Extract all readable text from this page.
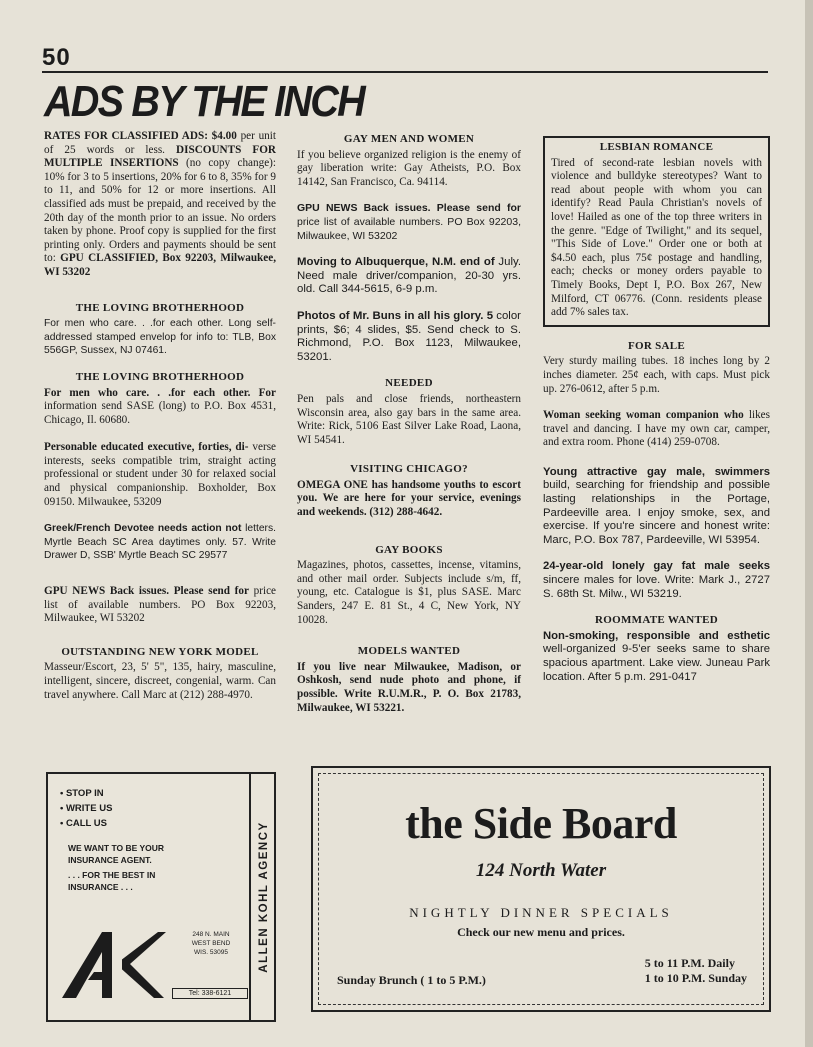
50
ADS BY THE INCH

RATES FOR CLASSIFIED ADS: $4.00 per unit of 25 words or less. DISCOUNTS FOR MULTIPLE INSERTIONS (no copy change): 10% for 3 to 5 insertions, 20% for 6 to 8, 35% for 9 to 11, and 50% for 12 or more insertions. All classified ads must be prepaid, and received by the 20th day of the month prior to an issue. No orders taken by phone. Proof copy is supplied for the first printing only. Orders and payments should be sent to: GPU CLASSIFIED, Box 92203, Milwaukee, WI 53202

THE LOVING BROTHERHOOD

For men who care. . .for each other. Long self-addressed stamped envelop for info to: TLB, Box 556GP, Sussex, NJ 07461.

THE LOVING BROTHERHOOD

For men who care. . .for each other. For information send SASE (long) to P.O. Box 4531, Chicago, Il. 60680.

Personable educated executive, forties, di- verse interests, seeks compatible trim, straight acting professional or student under 30 for relaxed social and physical companionship. Boxholder, Box 09150. Milwaukee, 53209

Greek/French Devotee needs action not letters. Myrtle Beach SC Area daytimes only. 57. Write Drawer D, SSB' Myrtle Beach SC 29577

GPU NEWS Back issues. Please send for price list of available numbers. PO Box 92203, Milwaukee, WI 53202

OUTSTANDING NEW YORK MODEL

Masseur/Escort, 23, 5' 5", 135, hairy, masculine, intelligent, sincere, discreet, congenial, warm. Can travel anywhere. Call Marc at (212) 288-4970.

GAY MEN AND WOMEN

If you believe organized religion is the enemy of gay liberation write: Gay Atheists, P.O. Box 14142, San Francisco, Ca. 94114.

GPU NEWS Back issues. Please send for price list of available numbers. PO Box 92203, Milwaukee, WI 53202

Moving to Albuquerque, N.M. end of July. Need male driver/companion, 20-30 yrs. old. Call 344-5615, 6-9 p.m.

Photos of Mr. Buns in all his glory. 5 color prints, $6; 4 slides, $5. Send check to S. Richmond, P.O. Box 1123, Milwaukee, 53201.

NEEDED

Pen pals and close friends, northeastern Wisconsin area, also gay bars in the same area. Write: Rick, 5106 East Silver Lake Road, Laona, WI 54541.

VISITING CHICAGO?

OMEGA ONE has handsome youths to escort you. We are here for your service, evenings and weekends. (312) 288-4642.

GAY BOOKS

Magazines, photos, cassettes, incense, vitamins, and other mail order. Subjects include s/m, ff, young, etc. Catalogue is $1, plus SASE. Marc Sanders, 247 E. 81 St., 4 C, New York, NY 10028.

MODELS WANTED

If you live near Milwaukee, Madison, or Oshkosh, send nude photo and phone, if possible. Write R.U.M.R., P. O. Box 21783, Milwaukee, WI 53221.

LESBIAN ROMANCE

Tired of second-rate lesbian novels with violence and bulldyke stereotypes? Want to read about people with whom you can identify? Read Paula Christian's novels of love! Hailed as one of the top three writers in the genre. "Edge of Twilight," and its sequel, "This Side of Love." Order one or both at $4.50 each, plus 75¢ postage and handling, each; checks or money orders payable to Timely Books, Dept I, P.O. Box 267, New Milford, CT 06776. (Conn. residents please add 7% sales tax.

FOR SALE

Very sturdy mailing tubes. 18 inches long by 2 inches diameter. 25¢ each, with caps. Must pick up. 276-0612, after 5 p.m.

Woman seeking woman companion who likes travel and dancing. I have my own car, camper, and extra room. Phone (414) 259-0708.

Young attractive gay male, swimmers build, searching for friendship and possible lasting relationships in the Portage, Pardeeville area. I enjoy smoke, sex, and exercise. If you're sincere and honest write: Marc, P.O. Box 787, Pardeeville, WI 53954.

24-year-old lonely gay fat male seeks sincere males for love. Write: Mark J., 2727 S. 68th St. Milw., WI 53219.

ROOMMATE WANTED

Non-smoking, responsible and esthetic well-organized 9-5'er seeks same to share spacious apartment. Lake view. Juneau Park location. After 5 p.m. 291-0417

• STOP IN
• WRITE US
• CALL US
WE WANT TO BE YOUR INSURANCE AGENT.
. . . FOR THE BEST IN INSURANCE . . .
AK
248 N. MAIN
WEST BEND
WIS. 53095
Tel: 338-6121
ALLEN KOHL AGENCY	the Side Board
124 North Water
NIGHTLY DINNER SPECIALS
Check our new menu and prices.
Sunday Brunch ( 1 to 5 P.M.)
5 to 11 P.M. Daily
1 to 10 P.M. Sunday
